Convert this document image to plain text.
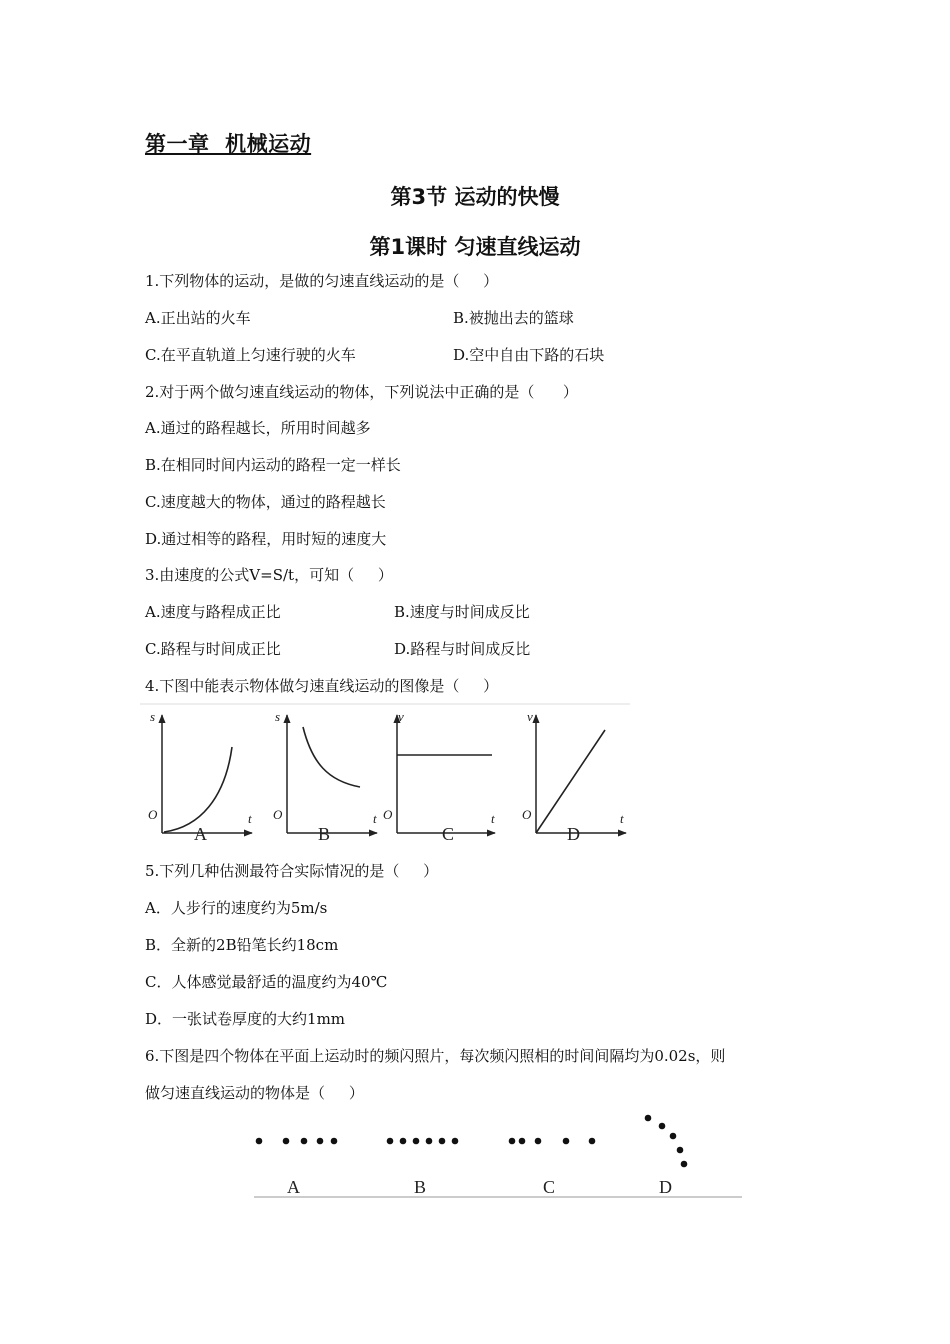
第一章  机械运动
第3节 运动的快慢
第1课时 匀速直线运动
1.下列物体的运动，是做的匀速直线运动的是（     ）
A.正出站的火车	B.被抛出去的篮球
C.在平直轨道上匀速行驶的火车	D.空中自由下路的石块
2.对于两个做匀速直线运动的物体，下列说法中正确的是（      ）
A.通过的路程越长，所用时间越多
B.在相同时间内运动的路程一定一样长
C.速度越大的物体，通过的路程越长
D.通过相等的路程，用时短的速度大
3.由速度的公式V=S/t，可知（     ）
A.速度与路程成正比	B.速度与时间成反比
C.路程与时间成正比	D.路程与时间成反比
4.下图中能表示物体做匀速直线运动的图像是（     ）
s
t
O
A
s
t
O
B
v
t
O
C
v
t
O
D
5.下列几种估测最符合实际情况的是（     ）
A．人步行的速度约为5m/s
B．全新的2B铅笔长约18cm
C．人体感觉最舒适的温度约为40℃
D．一张试卷厚度的大约1mm
6.下图是四个物体在平面上运动时的频闪照片，每次频闪照相的时间间隔均为0.02s，则
做匀速直线运动的物体是（     ）
A	B	C	D
